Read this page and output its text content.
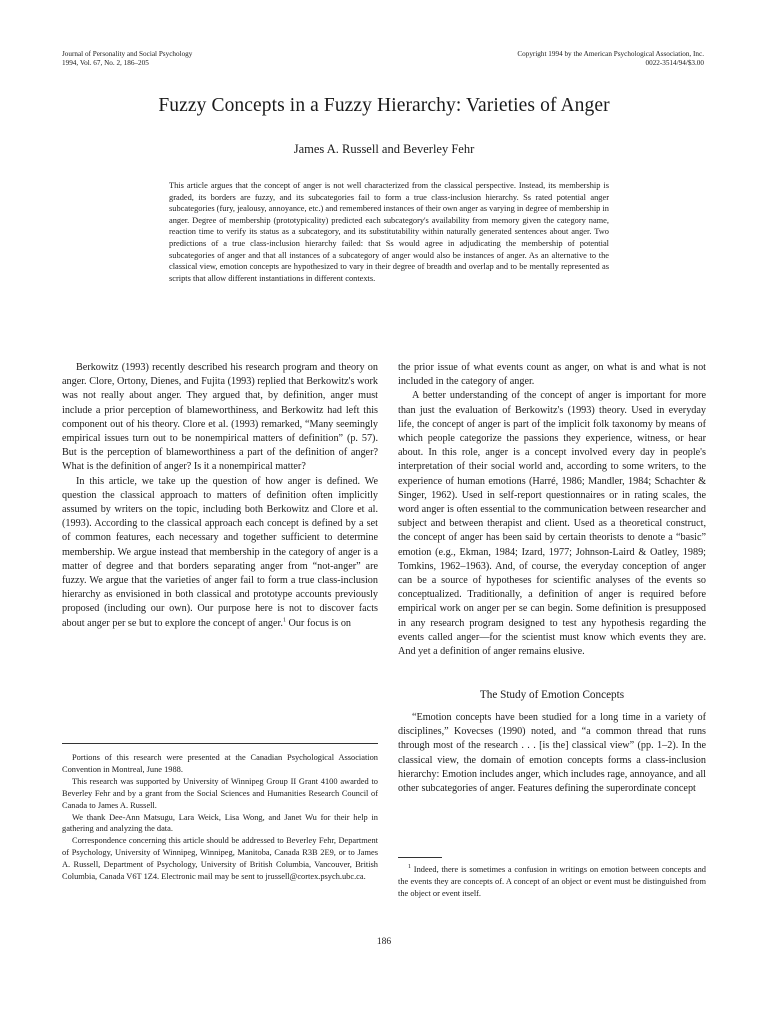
Journal of Personality and Social Psychology
1994, Vol. 67, No. 2, 186–205
Copyright 1994 by the American Psychological Association, Inc.
0022-3514/94/$3.00
Fuzzy Concepts in a Fuzzy Hierarchy: Varieties of Anger
James A. Russell and Beverley Fehr
This article argues that the concept of anger is not well characterized from the classical perspective. Instead, its membership is graded, its borders are fuzzy, and its subcategories fail to form a true class-inclusion hierarchy. Ss rated potential anger subcategories (fury, jealousy, annoyance, etc.) and remembered instances of their own anger as varying in degree of membership in anger. Degree of membership (prototypicality) predicted each subcategory's availability from memory given the category name, reaction time to verify its status as a subcategory, and its substitutability within naturally generated sentences about anger. Two predictions of a true class-inclusion hierarchy failed: that Ss would agree in adjudicating the membership of potential subcategories of anger and that all instances of a subcategory of anger would also be instances of anger. As an alternative to the classical view, emotion concepts are hypothesized to vary in their degree of breadth and overlap and to be mentally represented as scripts that allow different instantiations in different contexts.

Berkowitz (1993) recently described his research program and theory on anger. Clore, Ortony, Dienes, and Fujita (1993) replied that Berkowitz's work was not really about anger. They argued that, by definition, anger must include a prior perception of blameworthiness, and Berkowitz had left this component out of his theory. Clore et al. (1993) remarked, “Many seemingly empirical issues turn out to be nonempirical matters of definition” (p. 57). But is the perception of blameworthiness a part of the definition of anger? What is the definition of anger? Is it a nonempirical matter?

In this article, we take up the question of how anger is defined. We question the classical approach to matters of definition often implicitly assumed by writers on the topic, including both Berkowitz and Clore et al. (1993). According to the classical approach each concept is defined by a set of common features, each necessary and together sufficient to determine membership. We argue instead that membership in the category of anger is a matter of degree and that borders separating anger from “not-anger” are fuzzy. We argue that the varieties of anger fail to form a true class-inclusion hierarchy as envisioned in both classical and prototype accounts previously proposed (including our own). Our purpose here is not to discover facts about anger per se but to explore the concept of anger.$^1$ Our focus is on

the prior issue of what events count as anger, on what is and what is not included in the category of anger.

A better understanding of the concept of anger is important for more than just the evaluation of Berkowitz's (1993) theory. Used in everyday life, the concept of anger is part of the implicit folk taxonomy by means of which people categorize the passions they experience, witness, or hear about. In this role, anger is a concept involved every day in people's interpretation of their social world and, according to some writers, to the experience of human emotions (Harré, 1986; Mandler, 1984; Schachter & Singer, 1962). Used in self-report questionnaires or in rating scales, the word anger is often essential to the communication between researcher and subject and between therapist and client. Used as a theoretical construct, the concept of anger has been said by certain theorists to denote a “basic” emotion (e.g., Ekman, 1984; Izard, 1977; Johnson-Laird & Oatley, 1989; Tomkins, 1962–1963). And, of course, the everyday conception of anger can be a source of hypotheses for scientific analyses of the events so conceptualized. Traditionally, a definition of anger is required before empirical work on anger per se can begin. Some definition is presupposed in any research program designed to test any hypothesis regarding the events called anger—for the scientist must know which events they are. And yet a definition of anger remains elusive.

The Study of Emotion Concepts

“Emotion concepts have been studied for a long time in a variety of disciplines,” Kovecses (1990) noted, and “a common thread that runs through most of the research . . . [is the] classical view” (pp. 1–2). In the classical view, the domain of emotion concepts forms a class-inclusion hierarchy: Emotion includes anger, which includes rage, annoyance, and all other subcategories of anger. Features defining the superordinate concept

Portions of this research were presented at the Canadian Psychological Association Convention in Montreal, June 1988.

This research was supported by University of Winnipeg Group II Grant 4100 awarded to Beverley Fehr and by a grant from the Social Sciences and Humanities Research Council of Canada to James A. Russell.

We thank Dee-Ann Matsugu, Lara Weick, Lisa Wong, and Janet Wu for their help in gathering and analyzing the data.

Correspondence concerning this article should be addressed to Beverley Fehr, Department of Psychology, University of Winnipeg, Winnipeg, Manitoba, Canada R3B 2E9, or to James A. Russell, Department of Psychology, University of British Columbia, Vancouver, British Columbia, Canada V6T 1Z4. Electronic mail may be sent to jrussell@cortex.psych.ubc.ca.

$^1$ Indeed, there is sometimes a confusion in writings on emotion between concepts and the events they are concepts of. A concept of an object or event must be distinguished from the object or event itself.

186
